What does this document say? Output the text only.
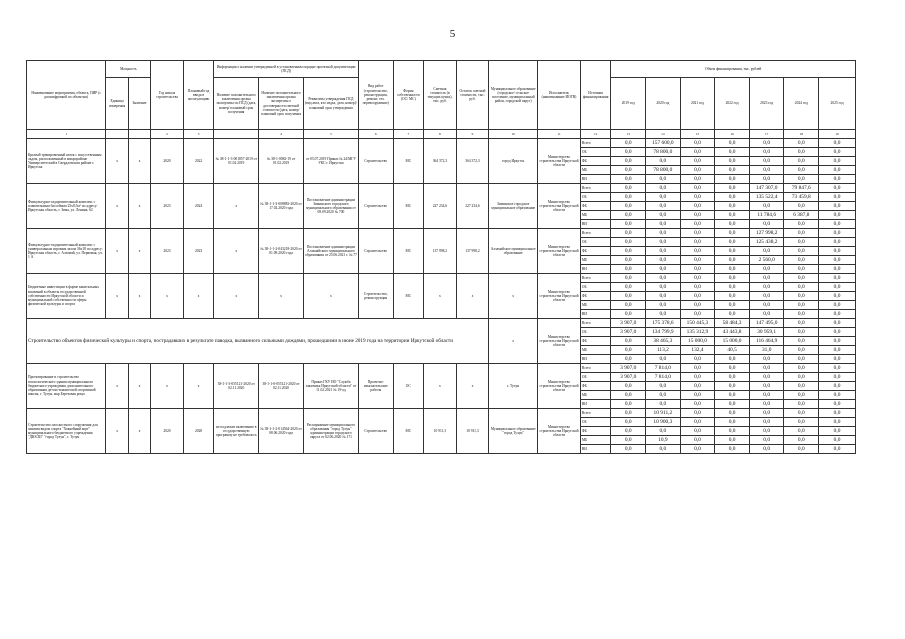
5
Наименование мероприятия, объекта, ПИР (с расшифровкой по объектам)	Мощность		Год начала строительства	Плановый год ввода в эксплуатацию	Информация о наличии утвержденной в установленном порядке проектной документации (ПСД)			Вид работ (строительство, реконструкция, ремонт, тех. перевооружение)	Форма собственности (ОС/ МС)	Сметная стоимость (в текущих ценах), тыс. руб.	Остаток сметной стоимости, тыс. руб.	Муниципальное образование (городское/ сельское поселение, муниципальный район, городской округ)	Исполнитель (наименование ИОГВ)	Источник финансирования	Объем финансирования, тыс. рублей						
	Единица измерения	Значение			Наличие положительного заключения органа экспертизы по ПСД (дата, номер/ плановый срок получения	Наличие положительного заключения органа экспертизы о достоверности сметной стоимости (дата, номер/ плановый срок получения	Реквизиты утверждения ПСД (вид акта, кто издал, дата, номер)/ плановый срок утверждения								2019 год	2020 год	2021 год	2022 год	2023 год	2024 год	2025 год
1			2	3		4	5	6	7	8	9	10	11	12	13	14	15	16	17	18	19
Крытый тренировочный каток с искусственным льдом, расположенный в микрорайоне Университетский в Свердловском районе г. Иркутска	x	x	2020	2022	№ 38-1-1-3-001857-2019 от 01.02.2019	№ 38-1-0082-19 от 01.02.2019	от 05.07.2019 Приказ № 24/МГУ УКС г. Иркутска	Строительство	МС	364 372,3	364 372,3	город Иркутск	Министерство строительства Иркутской области	Всего	0,0	157 600,0	0,0	0,0	0,0	0,0	0,0
														ОБ	0,0	78 800,0	0,0	0,0	0,0	0,0	0,0
														ФБ	0,0	0,0	0,0	0,0	0,0	0,0	0,0
														МБ	0,0	78 800,0	0,0	0,0	0,0	0,0	0,0
														ВИ	0,0	0,0	0,0	0,0	0,0	0,0	0,0
Физкультурно-оздоровительный комплекс с плавательным бассейном 25х8,5м² по адресу: Иркутская область, г. Зима, ул. Ленина, 62	x	x	2023	2024	x	№ 38-1-1-3-008883-2020 от 17.02.2020 года	Постановление администрации Зиминского городского муниципального образования от 08.09.2020 № 700	Строительство	МС	227 234,6	227 234,6	Зиминское городское муниципальное образование	Министерство строительства Иркутской области	Всего	0,0	0,0	0,0	0,0	147 307,0	79 847,6	0,0
														ОБ	0,0	0,0	0,0	0,0	135 522,4	73 459,8	0,0
														ФБ	0,0	0,0	0,0	0,0	0,0	0,0	0,0
														МБ	0,0	0,0	0,0	0,0	11 784,6	6 387,8	0,0
														ВИ	0,0	0,0	0,0	0,0	0,0	0,0	0,0
Физкультурно-оздоровительный комплекс с универсальным игровым залом 36х18 по адресу: Иркутская область, г. Алзамай, ул. Первомая, уч. 1 А	x	x	2023	2023	x	№ 38-1-1-2-043218-2020 от 01.09.2020 года	Постановление администрации Алзамайского муниципального образования от 25.06.2021 г. № 77	Строительство	МС	137 998,2	137 998,2	Алзамайское муниципальное образование	Министерство строительства Иркутской области	Всего	0,0	0,0	0,0	0,0	127 998,2	0,0	0,0
														ОБ	0,0	0,0	0,0	0,0	125 438,2	0,0	0,0
														ФБ	0,0	0,0	0,0	0,0	0,0	0,0	0,0
														МБ	0,0	0,0	0,0	0,0	2 560,0	0,0	0,0
														ВИ	0,0	0,0	0,0	0,0	0,0	0,0	0,0
Бюджетные инвестиции в форме капитальных вложений в объекты государственной собственности Иркутской области и муниципальной собственности сферы физической культуры и спорта	x	x	x	x	x	x	x	Строительство, реконструкция	МС	x	x	x	Министерство строительства Иркутской области	Всего	0,0	0,0	0,0	0,0	0,0	0,0	0,0
														ОБ	0,0	0,0	0,0	0,0	0,0	0,0	0,0
														ФБ	0,0	0,0	0,0	0,0	0,0	0,0	0,0
														МБ	0,0	0,0	0,0	0,0	0,0	0,0	0,0
														ВИ	0,0	0,0	0,0	0,0	0,0	0,0	0,0
Строительство объектов физической культуры и спорта, пострадавших в результате паводка, вызванного сильными дождями, прошедшими в июне 2019 года на территории Иркутской области												x	Министерство строительства Иркутской области	Всего	3 907,0	175 378,6	150 445,3	58 484,3	147 495,0	0,0	0,0
														ОБ	3 907,0	134 799,9	135 312,9	43 443,8	30 959,1	0,0	0,0
														ФБ	0,0	38 465,3	15 000,0	15 000,0	116 464,9	0,0	0,0
														МБ	0,0	113,2	132,4	40,5	31,0	0,0	0,0
														ВИ	0,0	0,0	0,0	0,0	0,0	0,0	0,0
Проектирование и строительство психологического здания муниципального бюджетного учреждения дополнительного образования детско-юношеской спортивной школы, г. Тулун, мкр Березовая роща	x	x	x	x	38-1-1-3-055121-2020 от 02.11.2020	38-1-1-0-055121-2020 от 02.11.2020	Приказ ГКУ ИО "Служба заказчика Иркутской области" от 11.02.2021 № 19-од	Проектно-изыскательские работы	ОС	x	x	г. Тулун	Министерство строительства Иркутской области	Всего	3 907,0	7 814,0	0,0	0,0	0,0	0,0	0,0
														ОБ	3 907,0	7 814,0	0,0	0,0	0,0	0,0	0,0
														ФБ	0,0	0,0	0,0	0,0	0,0	0,0	0,0
														МБ	0,0	0,0	0,0	0,0	0,0	0,0	0,0
														ВИ	0,0	0,0	0,0	0,0	0,0	0,0	0,0
Строительство плоскостного сооружения для занятия видом спорта "Хоккейный корт" муниципального бюджетного учреждения "ДЮСШ" "город Тулун", г. Тулун	x	x	2020	2020	не подлежит включению в государственную программу не требовалось	№ 38-1-1-2-014564-2020 от 08.06.2020 года	Распоряжение муниципального образования "город Тулун" администрации городского округа от 02.06.2020 № 171	Строительство	МС	10 911,3	10 911,3	Муниципальное образование "город Тулун"	Министерство строительства Иркутской области	Всего	0,0	10 911,2	0,0	0,0	0,0	0,0	0,0
														ОБ	0,0	10 900,3	0,0	0,0	0,0	0,0	0,0
														ФБ	0,0	0,0	0,0	0,0	0,0	0,0	0,0
														МБ	0,0	10,9	0,0	0,0	0,0	0,0	0,0
														ВИ	0,0	0,0	0,0	0,0	0,0	0,0	0,0
